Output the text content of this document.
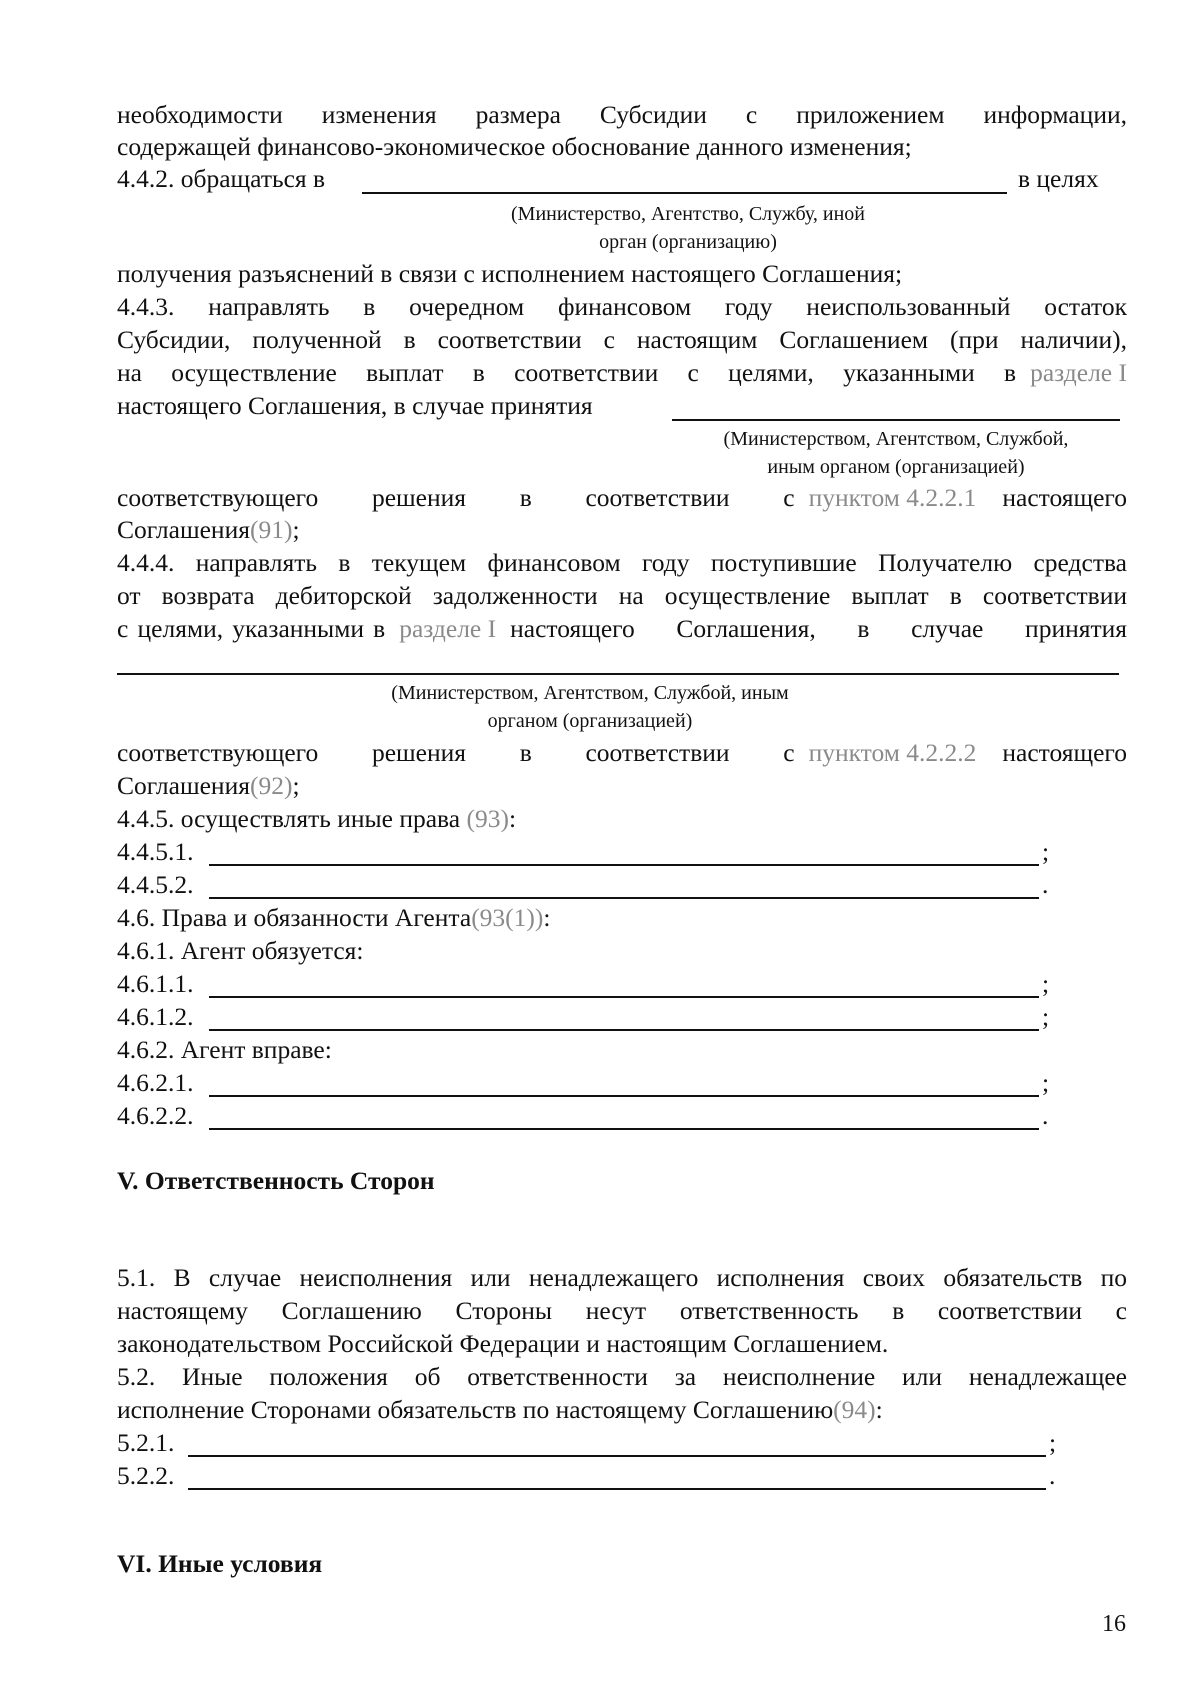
необходимости изменения размера Субсидии с приложением информации,
содержащей финансово-экономическое обоснование данного изменения;
4.4.2. обращаться в	в целях
(Министерство, Агентство, Службу, иной
орган (организацию)
получения разъяснений в связи с исполнением настоящего Соглашения;
4.4.3. направлять в очередном финансовом году неиспользованный остаток
Субсидии, полученной в соответствии с настоящим Соглашением (при наличии),
на осуществление выплат в соответствии с целями, указанными в разделе I
настоящего Соглашения, в случае принятия
(Министерством, Агентством, Службой,
иным органом (организацией)
соответствующего решения в соответствии с пунктом 4.2.2.1 настоящего
Соглашения(91);
4.4.4. направлять в текущем финансовом году поступившие Получателю средства
от возврата дебиторской задолженности на осуществление выплат в соответствии
с целями, указанными в разделе I настоящего Соглашения, в случае принятия
(Министерством, Агентством, Службой, иным
органом (организацией)
соответствующего решения в соответствии с пунктом 4.2.2.2 настоящего
Соглашения(92);
4.4.5. осуществлять иные права (93):
4.4.5.1.	;
4.4.5.2.	.
4.6. Права и обязанности Агента(93(1)):
4.6.1. Агент обязуется:
4.6.1.1.	;
4.6.1.2.	;
4.6.2. Агент вправе:
4.6.2.1.	;
4.6.2.2.	.
V. Ответственность Сторон
5.1. В случае неисполнения или ненадлежащего исполнения своих обязательств по
настоящему Соглашению Стороны несут ответственность в соответствии с
законодательством Российской Федерации и настоящим Соглашением.
5.2. Иные положения об ответственности за неисполнение или ненадлежащее
исполнение Сторонами обязательств по настоящему Соглашению(94):
5.2.1.	;
5.2.2.	.
VI. Иные условия
16
